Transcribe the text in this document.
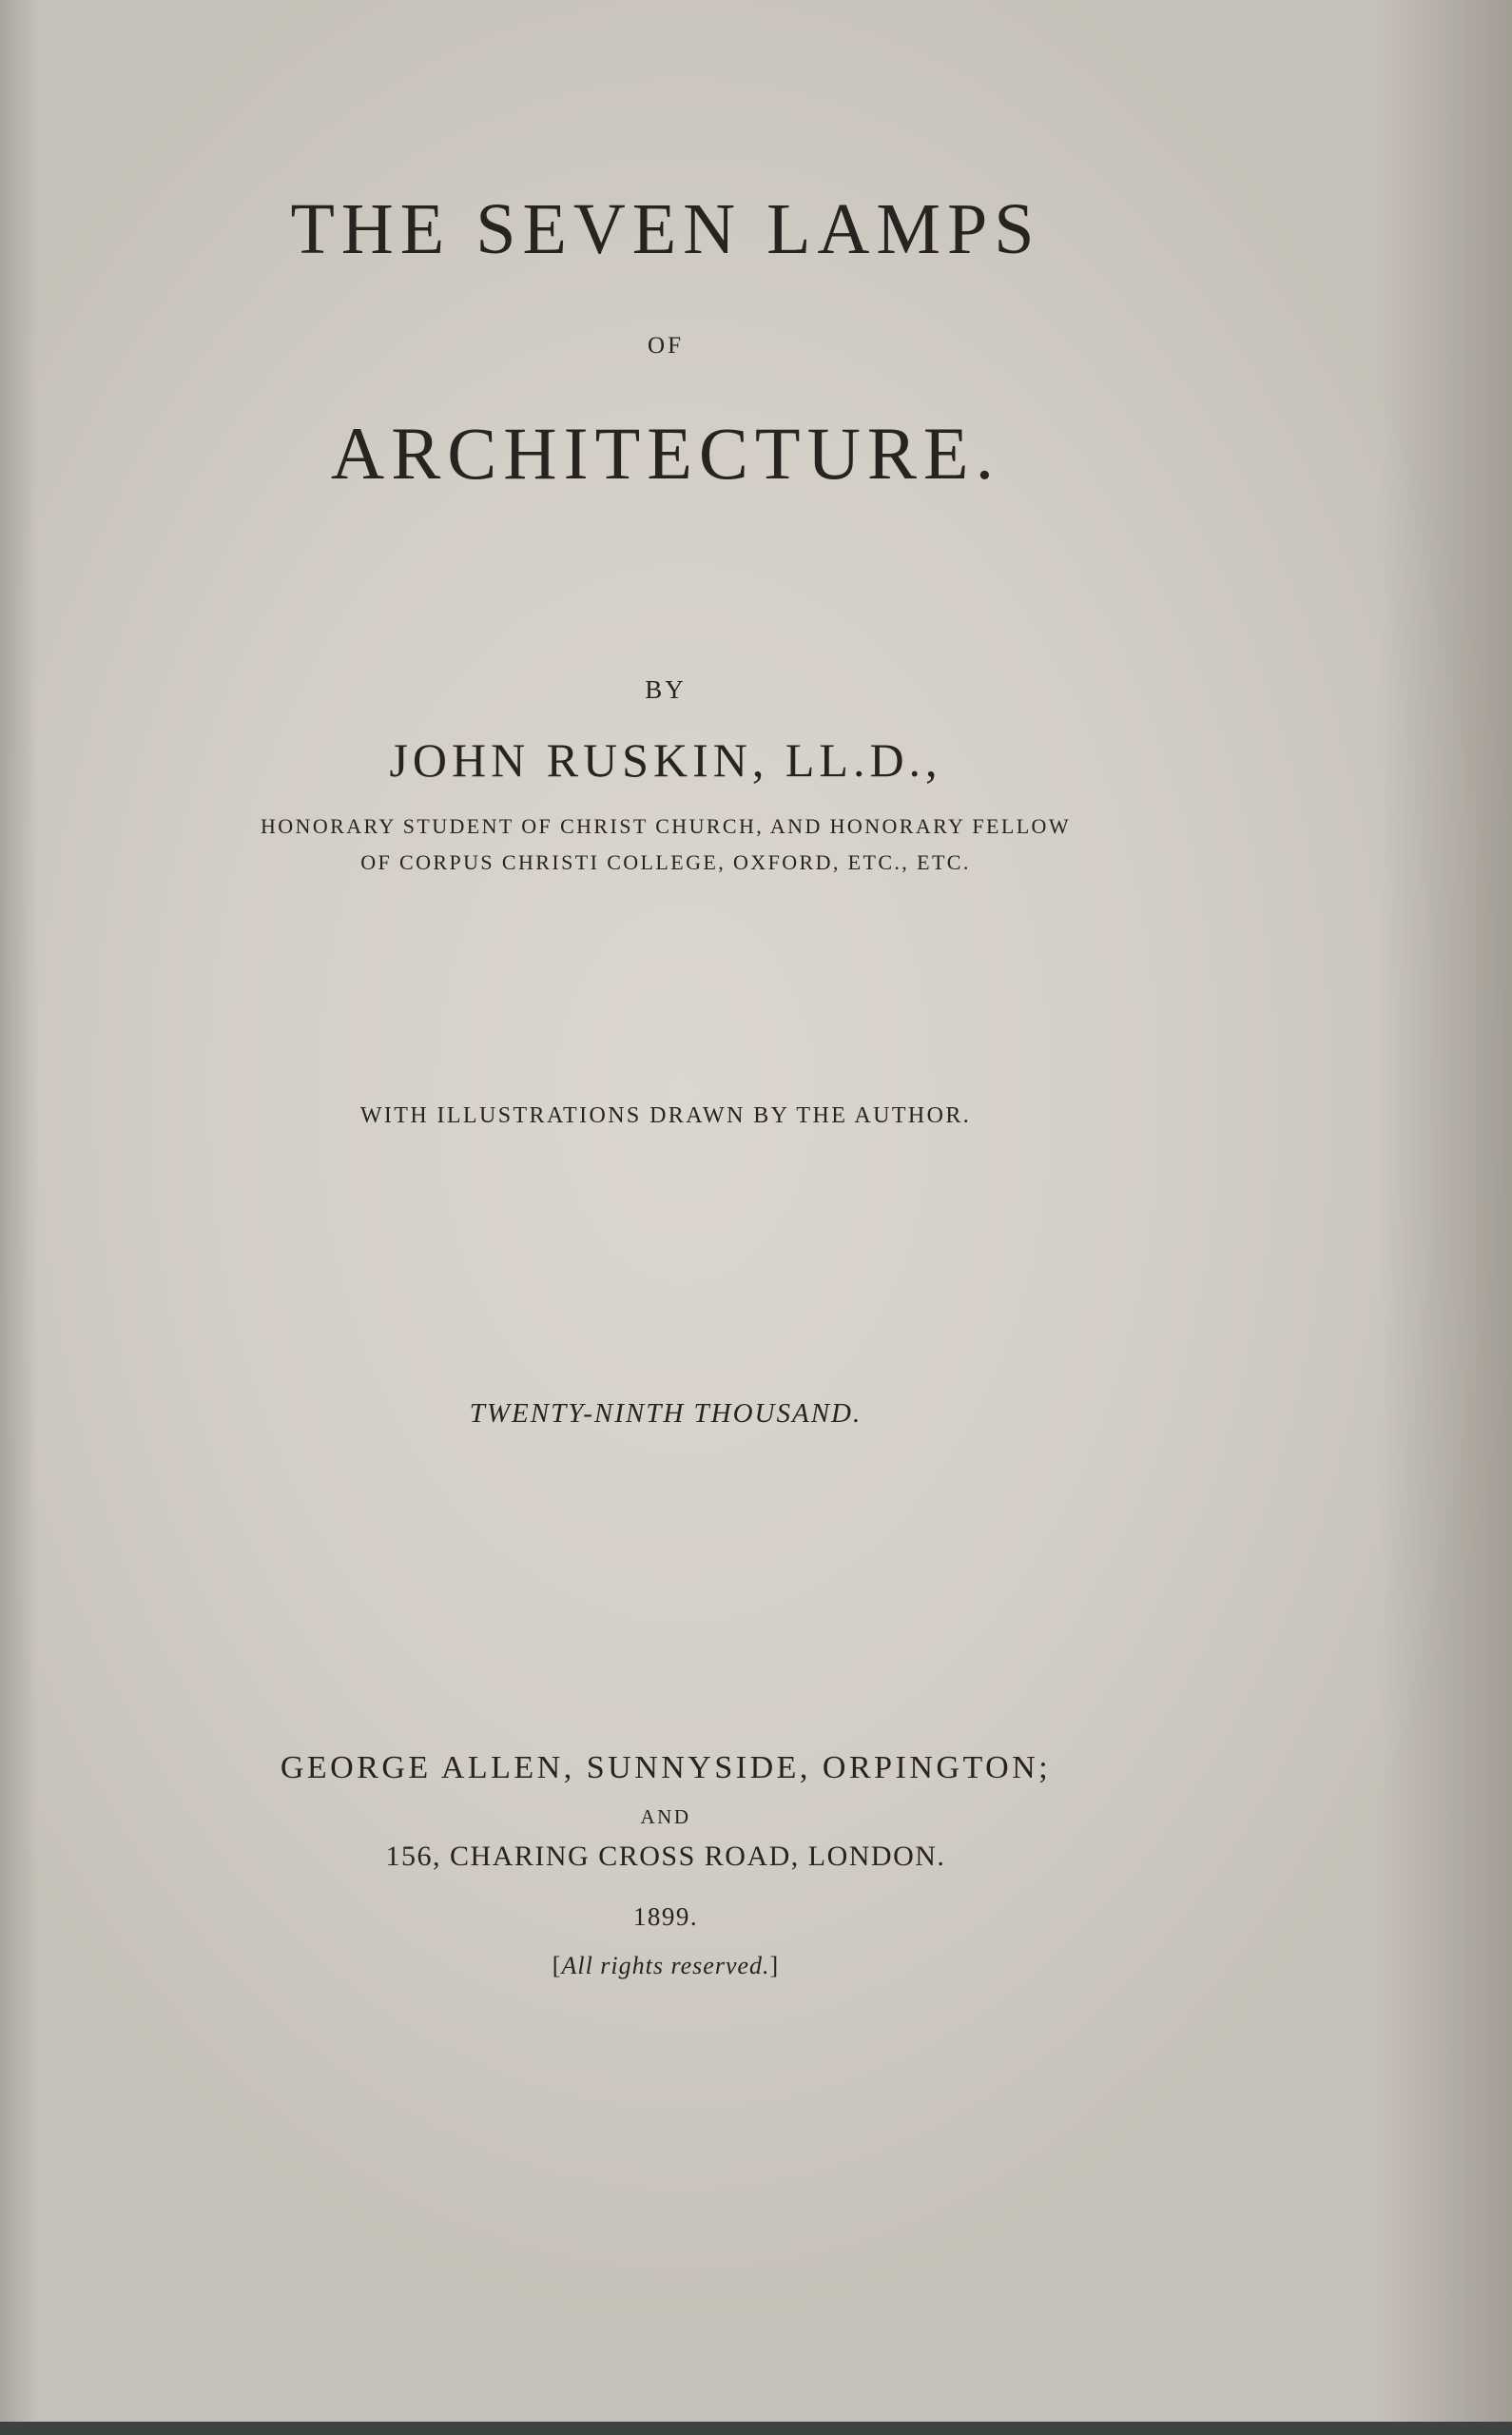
THE SEVEN LAMPS
OF
ARCHITECTURE.
BY
JOHN RUSKIN, LL.D.,
HONORARY STUDENT OF CHRIST CHURCH, AND HONORARY FELLOW
OF CORPUS CHRISTI COLLEGE, OXFORD, ETC., ETC.
WITH ILLUSTRATIONS DRAWN BY THE AUTHOR.
TWENTY-NINTH THOUSAND.
GEORGE ALLEN, SUNNYSIDE, ORPINGTON;
AND
156, CHARING CROSS ROAD, LONDON.
1899.
[All rights reserved.]
